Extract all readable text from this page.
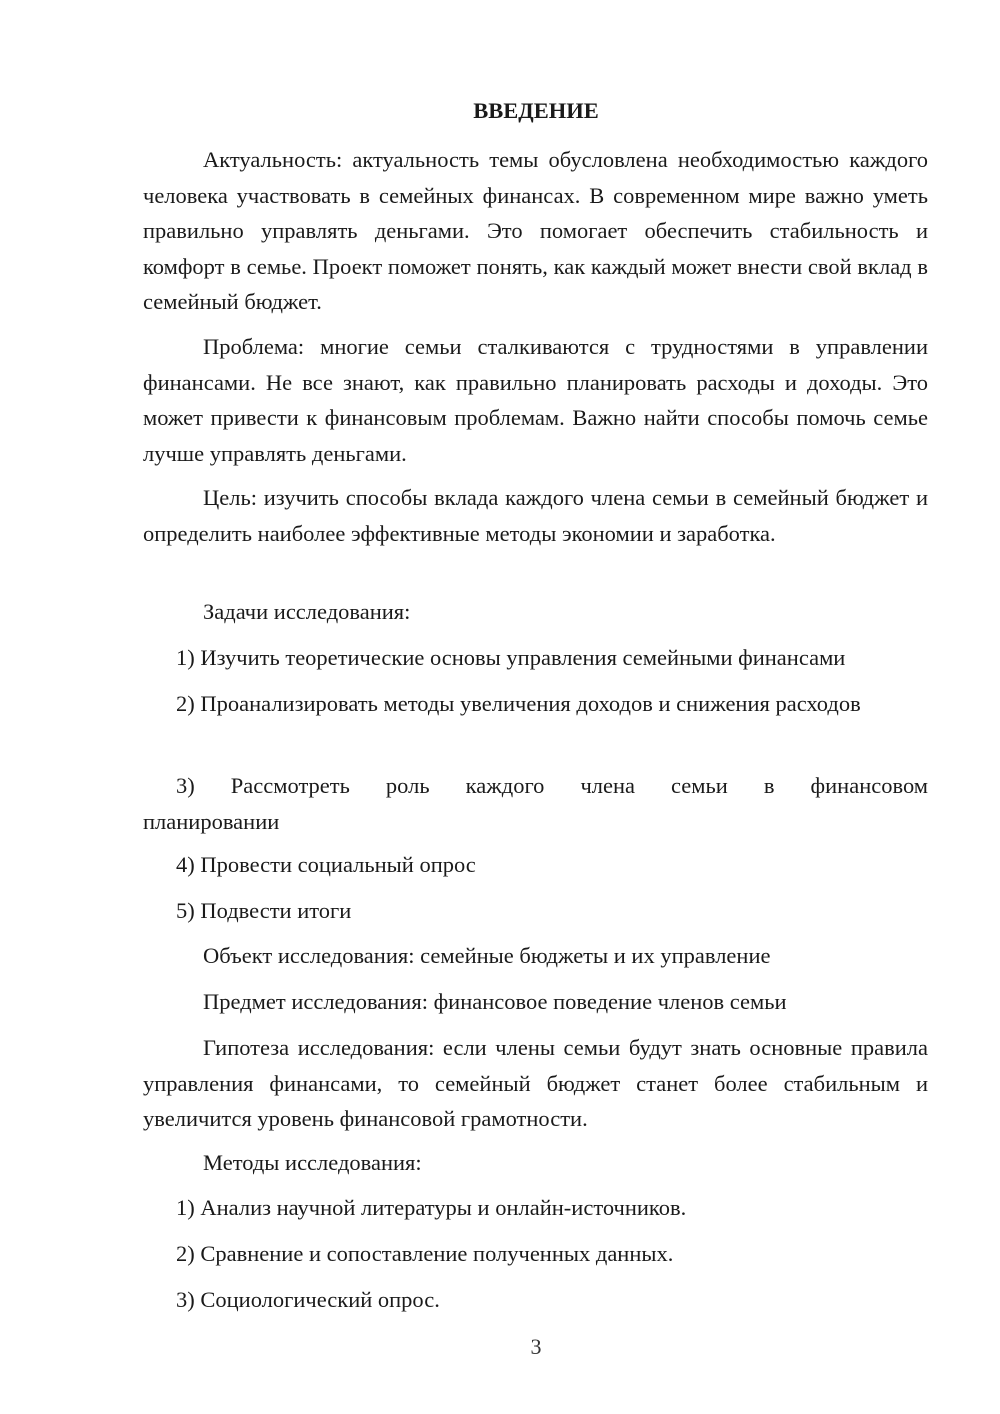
ВВЕДЕНИЕ

Актуальность: актуальность темы обусловлена необходимостью каждого человека участвовать в семейных финансах. В современном мире важно уметь правильно управлять деньгами. Это помогает обеспечить стабильность и комфорт в семье. Проект поможет понять, как каждый может внести свой вклад в семейный бюджет.

Проблема: многие семьи сталкиваются с трудностями в управлении финансами. Не все знают, как правильно планировать расходы и доходы. Это может привести к финансовым проблемам. Важно найти способы помочь семье лучше управлять деньгами.

Цель: изучить способы вклада каждого члена семьи в семейный бюджет и определить наиболее эффективные методы экономии и заработка.

Задачи исследования:

1) Изучить теоретические основы управления семейными финансами

2) Проанализировать методы увеличения доходов и снижения расходов

3) Рассмотреть роль каждого члена семьи в финансовом планировании

4) Провести социальный опрос

5) Подвести итоги

Объект исследования: семейные бюджеты и их управление

Предмет исследования: финансовое поведение членов семьи

Гипотеза исследования: если члены семьи будут знать основные правила управления финансами, то семейный бюджет станет более стабильным и увеличится уровень финансовой грамотности.

Методы исследования:

1) Анализ научной литературы и онлайн-источников.

2) Сравнение и сопоставление полученных данных.

3) Социологический опрос.

3
